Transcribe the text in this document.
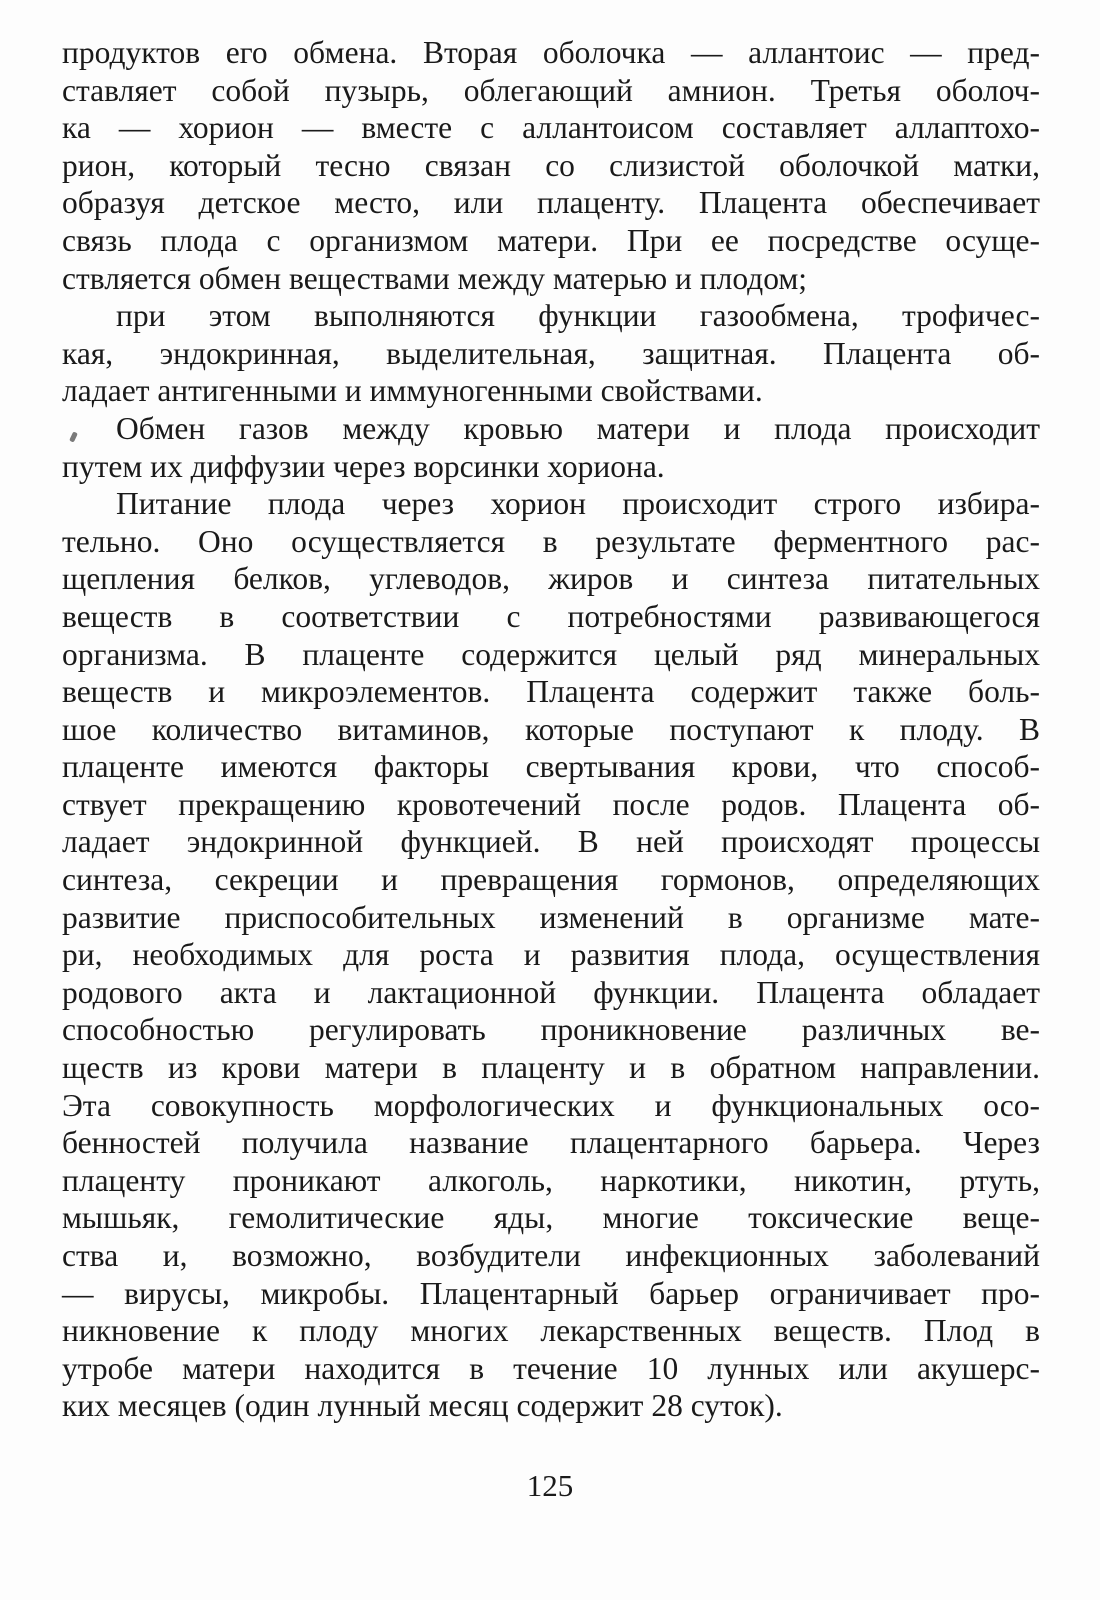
продуктов его обмена. Вторая оболочка — аллантоис — пред-
ставляет собой пузырь, облегающий амнион. Третья оболоч-
ка — хорион — вместе с аллантоисом составляет аллаптохо-
рион, который тесно связан со слизистой оболочкой матки,
образуя детское место, или плаценту. Плацента обеспечивает
связь плода с организмом матери. При ее посредстве осуще-
ствляется обмен веществами между матерью и плодом;
при этом выполняются функции газообмена, трофичес-
кая, эндокринная, выделительная, защитная. Плацента об-
ладает антигенными и иммуногенными свойствами.
Обмен газов между кровью матери и плода происходит
путем их диффузии через ворсинки хориона.
Питание плода через хорион происходит строго избира-
тельно. Оно осуществляется в результате ферментного рас-
щепления белков, углеводов, жиров и синтеза питательных
веществ в соответствии с потребностями развивающегося
организма. В плаценте содержится целый ряд минеральных
веществ и микроэлементов. Плацента содержит также боль-
шое количество витаминов, которые поступают к плоду. В
плаценте имеются факторы свертывания крови, что способ-
ствует прекращению кровотечений после родов. Плацента об-
ладает эндокринной функцией. В ней происходят процессы
синтеза, секреции и превращения гормонов, определяющих
развитие приспособительных изменений в организме мате-
ри, необходимых для роста и развития плода, осуществления
родового акта и лактационной функции. Плацента обладает
способностью регулировать проникновение различных ве-
ществ из крови матери в плаценту и в обратном направлении.
Эта совокупность морфологических и функциональных осо-
бенностей получила название плацентарного барьера. Через
плаценту проникают алкоголь, наркотики, никотин, ртуть,
мышьяк, гемолитические яды, многие токсические веще-
ства и, возможно, возбудители инфекционных заболеваний
— вирусы, микробы. Плацентарный барьер ограничивает про-
никновение к плоду многих лекарственных веществ. Плод в
утробе матери находится в течение 10 лунных или акушерс-
ких месяцев (один лунный месяц содержит 28 суток).
125
